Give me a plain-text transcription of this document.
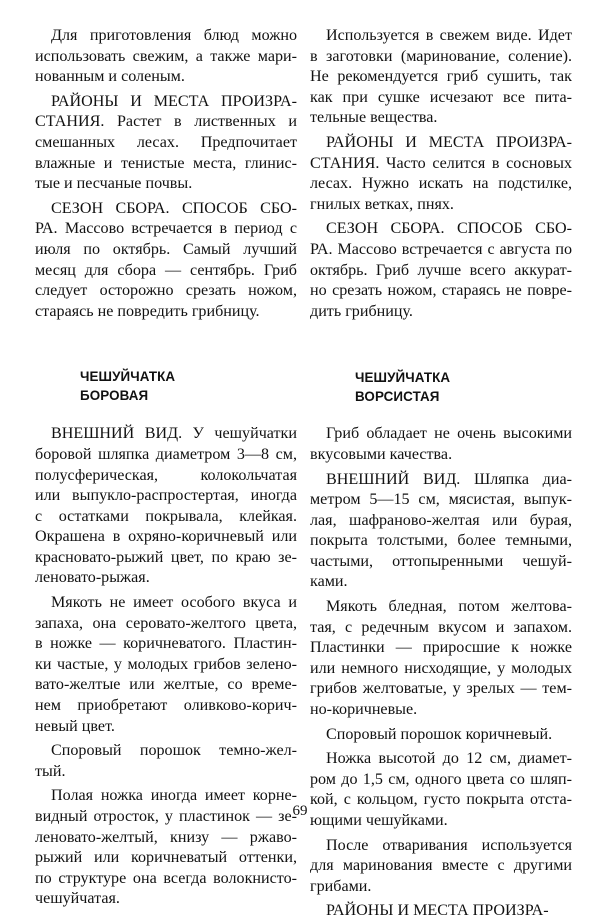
Для приготовления блюд можно
использовать свежим, а также мари-
нованным и соленым.
РАЙОНЫ И МЕСТА ПРОИЗРА-
СТАНИЯ. Растет в лиственных и
смешанных лесах. Предпочитает
влажные и тенистые места, глинис-
тые и песчаные почвы.
СЕЗОН СБОРА. СПОСОБ СБО-
РА. Массово встречается в период с
июля по октябрь. Самый лучший
месяц для сбора — сентябрь. Гриб
следует осторожно срезать ножом,
стараясь не повредить грибницу.
ЧЕШУЙЧАТКА
БОРОВАЯ
ВНЕШНИЙ ВИД. У чешуйчатки
боровой шляпка диаметром 3—8 см,
полусферическая, колокольчатая
или выпукло-распростертая, иногда
с остатками покрывала, клейкая.
Окрашена в охряно-коричневый или
красновато-рыжий цвет, по краю зе-
леновато-рыжая.
Мякоть не имеет особого вкуса и
запаха, она серовато-желтого цвета,
в ножке — коричневатого. Пластин-
ки частые, у молодых грибов зелено-
вато-желтые или желтые, со време-
нем приобретают оливково-корич-
невый цвет.
Споровый порошок темно-жел-
тый.
Полая ножка иногда имеет корне-
видный отросток, у пластинок — зе-
леновато-желтый, книзу — ржаво-
рыжий или коричневатый оттенки,
по структуре она всегда волокнисто-
чешуйчатая.
Используется в свежем виде. Идет
в заготовки (маринование, соление).
Не рекомендуется гриб сушить, так
как при сушке исчезают все пита-
тельные вещества.
РАЙОНЫ И МЕСТА ПРОИЗРА-
СТАНИЯ. Часто селится в сосновых
лесах. Нужно искать на подстилке,
гнилых ветках, пнях.
СЕЗОН СБОРА. СПОСОБ СБО-
РА. Массово встречается с августа по
октябрь. Гриб лучше всего аккурат-
но срезать ножом, стараясь не повре-
дить грибницу.
ЧЕШУЙЧАТКА
ВОРСИСТАЯ
Гриб обладает не очень высокими
вкусовыми качества.
ВНЕШНИЙ ВИД. Шляпка диа-
метром 5—15 см, мясистая, выпук-
лая, шафраново-желтая или бурая,
покрыта толстыми, более темными,
частыми, оттопыренными чешуй-
ками.
Мякоть бледная, потом желтова-
тая, с редечным вкусом и запахом.
Пластинки — приросшие к ножке
или немного нисходящие, у молодых
грибов желтоватые, у зрелых — тем-
но-коричневые.
Споровый порошок коричневый.
Ножка высотой до 12 см, диамет-
ром до 1,5 см, одного цвета со шляп-
кой, с кольцом, густо покрыта отста-
ющими чешуйками.
После отваривания используется
для маринования вместе с другими
грибами.
РАЙОНЫ И МЕСТА ПРОИЗРА-
69
